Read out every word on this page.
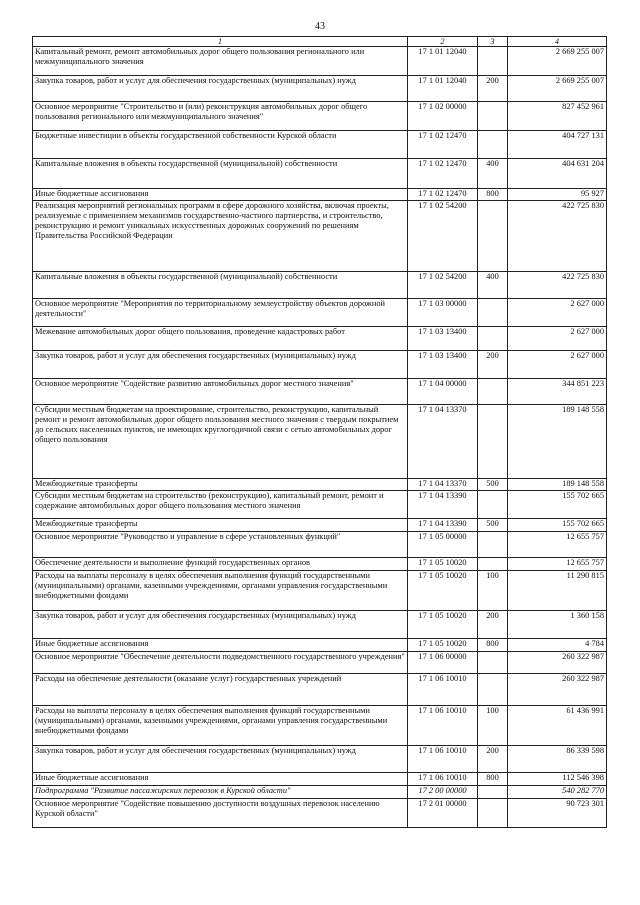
43
1	2	3	4
Капитальный ремонт, ремонт автомобильных дорог общего пользования регионального или межмуниципального значения	17 1 01 12040		2 669 255 007
Закупка товаров, работ и услуг для обеспечения государственных (муниципальных) нужд	17 1 01 12040	200	2 669 255 007
Основное мероприятие "Строительство и (или) реконструкция автомобильных дорог общего пользования регионального или межмуниципального значения"	17 1 02 00000		827 452 961
Бюджетные инвестиции в объекты государственной собственности Курской области	17 1 02 12470		404 727 131
Капитальные вложения в объекты государственной (муниципальной) собственности	17 1 02 12470	400	404 631 204
Иные бюджетные ассигнования	17 1 02 12470	800	95 927
Реализация мероприятий региональных программ в сфере дорожного хозяйства, включая проекты, реализуемые с применением механизмов государственно-частного партнерства, и строительство, реконструкцию и ремонт уникальных искусственных дорожных сооружений по решениям Правительства Российской Федерации	17 1 02 54200		422 725 830
Капитальные вложения в объекты государственной (муниципальной) собственности	17 1 02 54200	400	422 725 830
Основное мероприятие "Мероприятия по территориальному землеустройству объектов дорожной деятельности"	17 1 03 00000		2 627 000
Межевание автомобильных дорог общего пользования, проведение кадастровых работ	17 1 03 13400		2 627 000
Закупка товаров, работ и услуг для обеспечения государственных (муниципальных) нужд	17 1 03 13400	200	2 627 000
Основное мероприятие "Содействие развитию автомобильных дорог местного значения"	17 1 04 00000		344 851 223
Субсидии местным бюджетам на проектирование, строительство, реконструкцию, капитальный ремонт и ремонт автомобильных дорог общего пользования местного значения с твердым покрытием до сельских населенных пунктов, не имеющих круглогодичной связи с сетью автомобильных дорог общего пользования	17 1 04 13370		189 148 558
Межбюджетные трансферты	17 1 04 13370	500	189 148 558
Субсидии местным бюджетам на строительство (реконструкцию), капитальный ремонт, ремонт и содержание автомобильных дорог общего пользования местного значения	17 1 04 13390		155 702 665
Межбюджетные трансферты	17 1 04 13390	500	155 702 665
Основное мероприятие "Руководство и управление в сфере установленных функций"	17 1 05 00000		12 655 757
Обеспечение деятельности и выполнение функций государственных органов	17 1 05 10020		12 655 757
Расходы на выплаты персоналу в целях обеспечения выполнения функций государственными (муниципальными) органами, казенными учреждениями, органами управления государственными внебюджетными фондами	17 1 05 10020	100	11 290 815
Закупка товаров, работ и услуг для обеспечения государственных (муниципальных) нужд	17 1 05 10020	200	1 360 158
Иные бюджетные ассигнования	17 1 05 10020	800	4 784
Основное мероприятие "Обеспечение деятельности подведомственного государственного учреждения"	17 1 06 00000		260 322 987
Расходы на обеспечение деятельности (оказание услуг) государственных учреждений	17 1 06 10010		260 322 987
Расходы на выплаты персоналу в целях обеспечения выполнения функций государственными (муниципальными) органами, казенными учреждениями, органами управления государственными внебюджетными фондами	17 1 06 10010	100	61 436 991
Закупка товаров, работ и услуг для обеспечения государственных (муниципальных) нужд	17 1 06 10010	200	86 339 598
Иные бюджетные ассигнования	17 1 06 10010	800	112 546 398
Подпрограмма "Развитие пассажирских перевозок в Курской области"	17 2 00 00000		540 282 770
Основное мероприятие "Содействие повышению доступности воздушных перевозок населению Курской области"	17 2 01 00000		90 723 301
